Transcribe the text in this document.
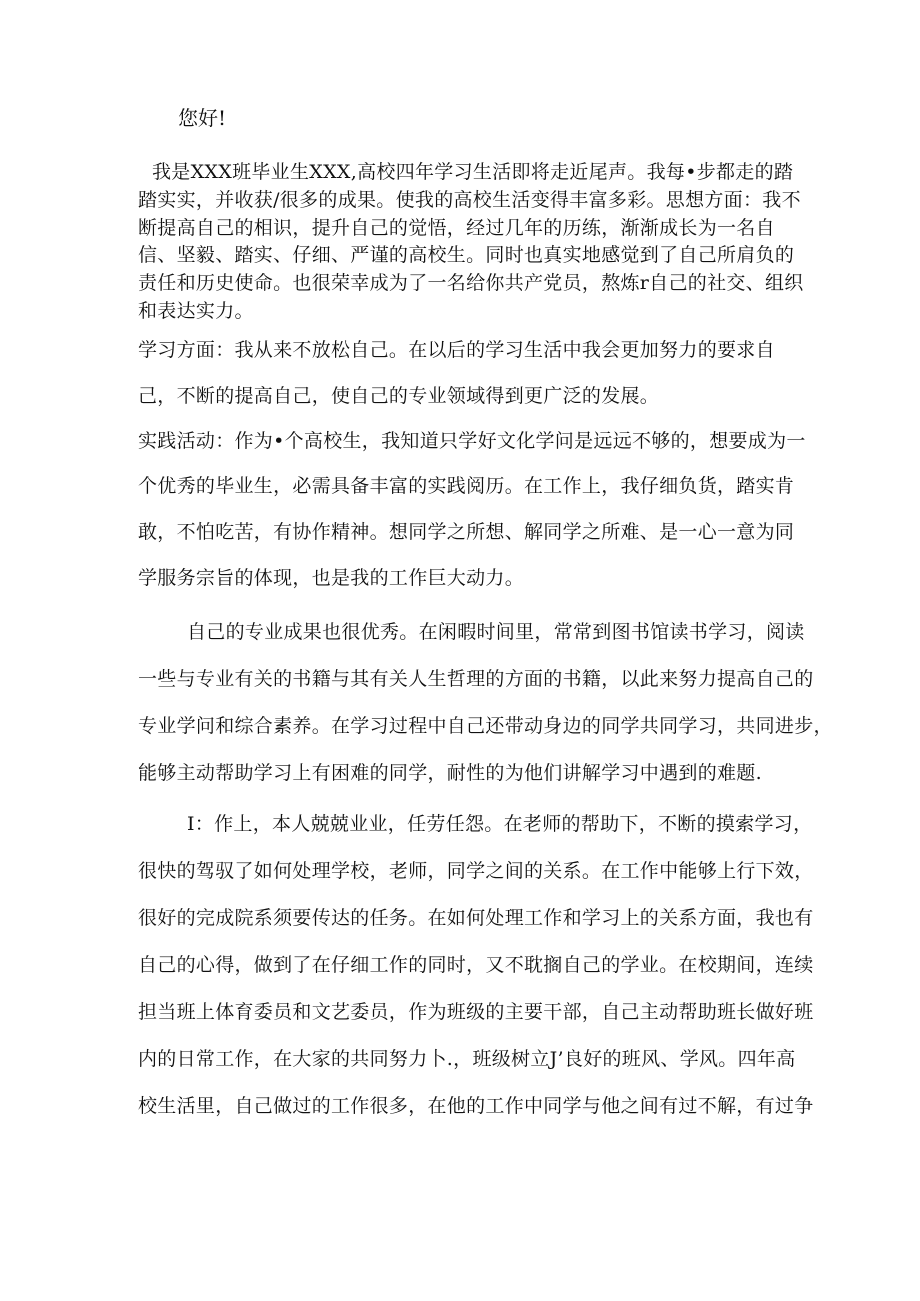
您好!
我是XXX班毕业生XXX,高校四年学习生活即将走近尾声。我每•步都走的踏
踏实实，并收获/很多的成果。使我的高校生活变得丰富多彩。思想方面：我不
断提高自己的相识，提升自己的觉悟，经过几年的历练，渐渐成长为一名自
信、坚毅、踏实、仔细、严谨的高校生。同时也真实地感觉到了自己所肩负的
责任和历史使命。也很荣幸成为了一名给你共产党员，熬炼r自己的社交、组织
和表达实力。
学习方面：我从来不放松自己。在以后的学习生活中我会更加努力的要求自
己，不断的提高自己，使自己的专业领域得到更广泛的发展。
实践活动：作为•个高校生，我知道只学好文化学问是远远不够的，想要成为一
个优秀的毕业生，必需具备丰富的实践阅历。在工作上，我仔细负货，踏实肯
敢，不怕吃苦，有协作精神。想同学之所想、解同学之所难、是一心一意为同
学服务宗旨的体现，也是我的工作巨大动力。
自己的专业成果也很优秀。在闲暇时间里，常常到图书馆读书学习，阅读
一些与专业有关的书籍与其有关人生哲理的方面的书籍，以此来努力提高自己的
专业学问和综合素养。在学习过程中自己还带动身边的同学共同学习，共同进步，
能够主动帮助学习上有困难的同学，耐性的为他们讲解学习中遇到的难题.
I：作上，本人兢兢业业，任劳任怨。在老师的帮助下，不断的摸索学习，
很快的驾驭了如何处理学校，老师，同学之间的关系。在工作中能够上行下效，
很好的完成院系须要传达的任务。在如何处理工作和学习上的关系方面，我也有
自己的心得，做到了在仔细工作的同时，又不耽搁自己的学业。在校期间，连续
担当班上体育委员和文艺委员，作为班级的主要干部，自己主动帮助班长做好班
内的日常工作，在大家的共同努力卜.，班级树立J’良好的班风、学风。四年高
校生活里，自己做过的工作很多，在他的工作中同学与他之间有过不解，有过争
